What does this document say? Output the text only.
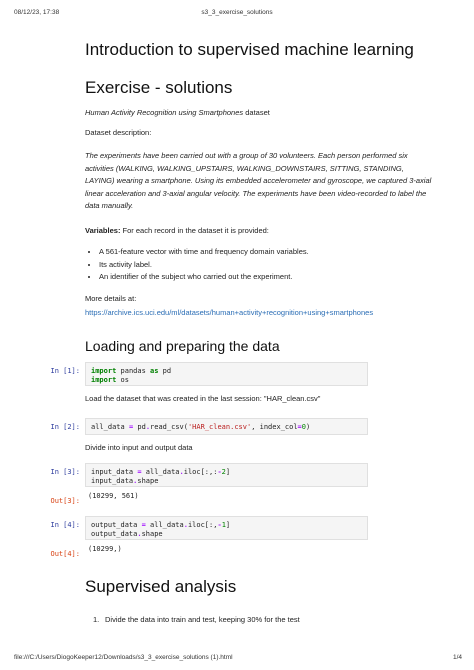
08/12/23, 17:38	s3_3_exercise_solutions
file:///C:/Users/DiogoKeeper12/Downloads/s3_3_exercise_solutions (1).html	1/4
Introduction to supervised machine learning
Exercise - solutions
Human Activity Recognition using Smartphones dataset
Dataset description:
The experiments have been carried out with a group of 30 volunteers. Each person performed six activities (WALKING, WALKING_UPSTAIRS, WALKING_DOWNSTAIRS, SITTING, STANDING, LAYING) wearing a smartphone. Using its embedded accelerometer and gyroscope, we captured 3-axial linear acceleration and 3-axial angular velocity. The experiments have been video-recorded to label the data manually.
Variables: For each record in the dataset it is provided:
• A 561-feature vector with time and frequency domain variables.
• Its activity label.
• An identifier of the subject who carried out the experiment.
More details at:
https://archive.ics.uci.edu/ml/datasets/human+activity+recognition+using+smartphones
Loading and preparing the data
In [1]:	import pandas as pd
import os
Load the dataset that was created in the last session: "HAR_clean.csv"
In [2]:	all_data = pd.read_csv('HAR_clean.csv', index_col=0)
Divide into input and output data
In [3]:	input_data = all_data.iloc[:,:-2]
input_data.shape
Out[3]:
(10299, 561)
In [4]:	output_data = all_data.iloc[:,-1]
output_data.shape
Out[4]:
(10299,)
Supervised analysis
1. Divide the data into train and test, keeping 30% for the test
